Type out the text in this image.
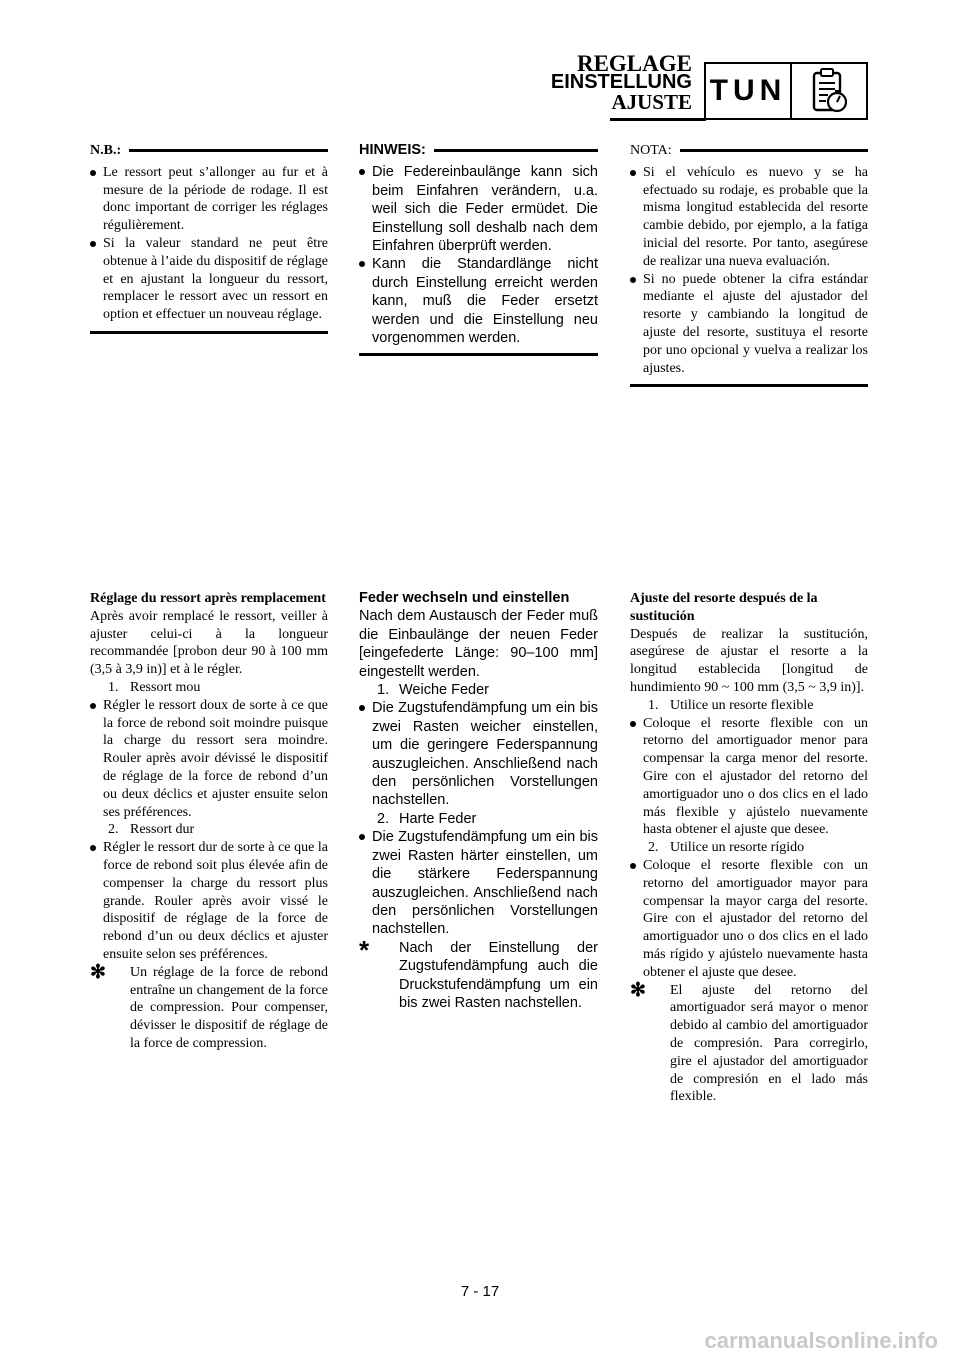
REGLAGE
EINSTELLUNG
AJUSTE TUN
N.B.:
Le ressort peut s’allonger au fur et à mesure de la période de rodage. Il est donc important de corriger les réglages régulièrement.
Si la valeur standard ne peut être obtenue à l’aide du dispositif de réglage et en ajustant la longueur du ressort, remplacer le ressort avec un ressort en option et effectuer un nouveau réglage.
HINWEIS:
Die Federeinbaulänge kann sich beim Einfahren verändern, u.a. weil sich die Feder ermüdet. Die Einstellung soll deshalb nach dem Einfahren überprüft werden.
Kann die Standardlänge nicht durch Einstellung erreicht werden kann, muß die Feder ersetzt werden und die Einstellung neu vorgenommen werden.
NOTA:
Si el vehículo es nuevo y se ha efectuado su rodaje, es probable que la misma longitud establecida del resorte cambie debido, por ejemplo, a la fatiga inicial del resorte. Por tanto, asegúrese de realizar una nueva evaluación.
Si no puede obtener la cifra estándar mediante el ajuste del ajustador del resorte y cambiando la longitud de ajuste del resorte, sustituya el resorte por uno opcional y vuelva a realizar los ajustes.
Réglage du ressort après remplacement

Après avoir remplacé le ressort, veiller à ajuster celui-ci à la longueur recommandée [probon deur 90 à 100 mm (3,5 à 3,9 in)] et à le régler.

1. Ressort mou

Régler le ressort doux de sorte à ce que la force de rebond soit moindre puisque la charge du ressort sera moindre. Rouler après avoir dévissé le dispositif de réglage de la force de rebond d’un ou deux déclics et ajuster ensuite selon ses préférences.

2. Ressort dur

Régler le ressort dur de sorte à ce que la force de rebond soit plus élevée afin de compenser la charge du ressort plus grande. Rouler après avoir vissé le dispositif de réglage de la force de rebond d’un ou deux déclics et ajuster ensuite selon ses préférences.

✻ Un réglage de la force de rebond entraîne un changement de la force de compression. Pour compenser, dévisser le dispositif de réglage de la force de compression.

Feder wechseln und einstellen

Nach dem Austausch der Feder muß die Einbaulänge der neuen Feder [eingefederte Länge: 90–100 mm] eingestellt werden.

1. Weiche Feder

Die Zugstufendämpfung um ein bis zwei Rasten weicher einstellen, um die geringere Federspannung auszugleichen. Anschließend nach den persönlichen Vorstellungen nachstellen.

2. Harte Feder

Die Zugstufendämpfung um ein bis zwei Rasten härter einstellen, um die stärkere Federspannung auszugleichen. Anschließend nach den persönlichen Vorstellungen nachstellen.

* Nach der Einstellung der Zugstufendämpfung auch die Druckstufendämpfung um ein bis zwei Rasten nachstellen.

Ajuste del resorte después de la sustitución

Después de realizar la sustitución, asegúrese de ajustar el resorte a la longitud establecida [longitud de hundimiento 90 ~ 100 mm (3,5 ~ 3,9 in)].

1. Utilice un resorte flexible

Coloque el resorte flexible con un retorno del amortiguador menor para compensar la carga menor del resorte. Gire con el ajustador del retorno del amortiguador uno o dos clics en el lado más flexible y ajústelo nuevamente hasta obtener el ajuste que desee.

2. Utilice un resorte rígido

Coloque el resorte flexible con un retorno del amortiguador mayor para compensar la mayor carga del resorte. Gire con el ajustador del retorno del amortiguador uno o dos clics en el lado más rígido y ajústelo nuevamente hasta obtener el ajuste que desee.

✻ El ajuste del retorno del amortiguador será mayor o menor debido al cambio del amortiguador de compresión. Para corregirlo, gire el ajustador del amortiguador de compresión en el lado más flexible.

7 - 17
carmanualsonline.info
